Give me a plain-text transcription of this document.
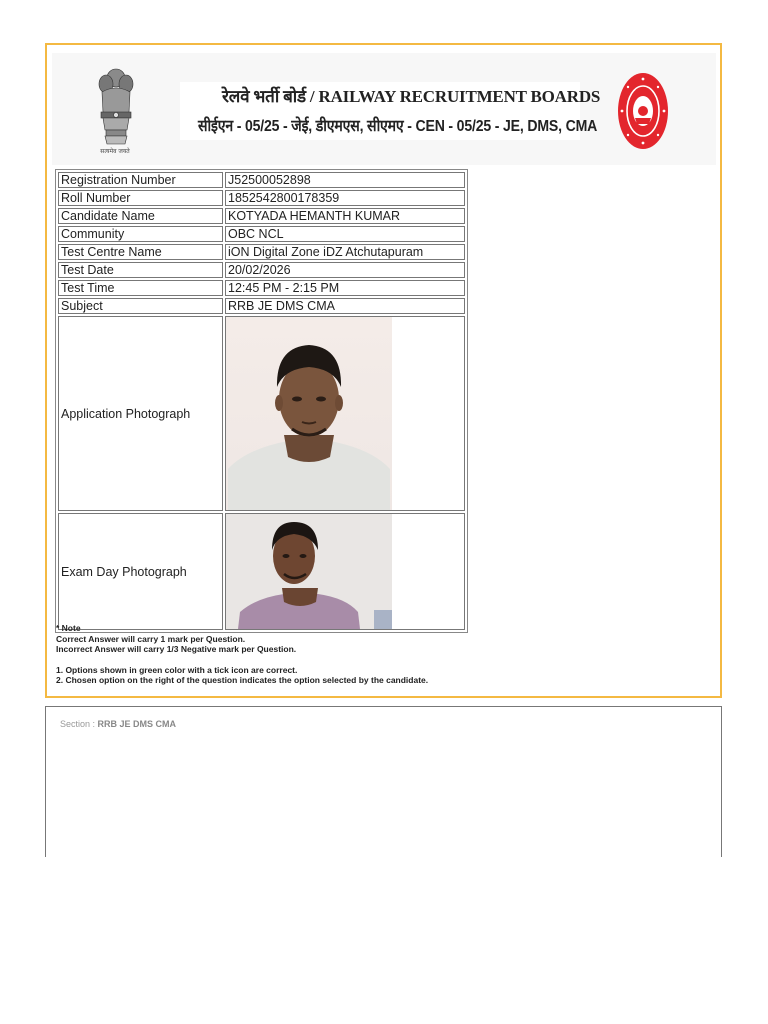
सत्यमेव जयते
रेलवे भर्ती बोर्ड / RAILWAY RECRUITMENT BOARDS
सीईएन - 05/25 - जेई, डीएमएस, सीएमए - CEN - 05/25 - JE, DMS, CMA
Registration Number	J52500052898
Roll Number	1852542800178359
Candidate Name	KOTYADA HEMANTH KUMAR
Community	OBC NCL
Test Centre Name	iON Digital Zone iDZ Atchutapuram
Test Date	20/02/2026
Test Time	12:45 PM - 2:15 PM
Subject	RRB JE DMS CMA
Application Photograph	

Exam Day Photograph	
* Note
Correct Answer will carry 1 mark per Question.
Incorrect Answer will carry 1/3 Negative mark per Question.
1. Options shown in green color with a tick icon are correct.
2. Chosen option on the right of the question indicates the option selected by the candidate.
Section : RRB JE DMS CMA
